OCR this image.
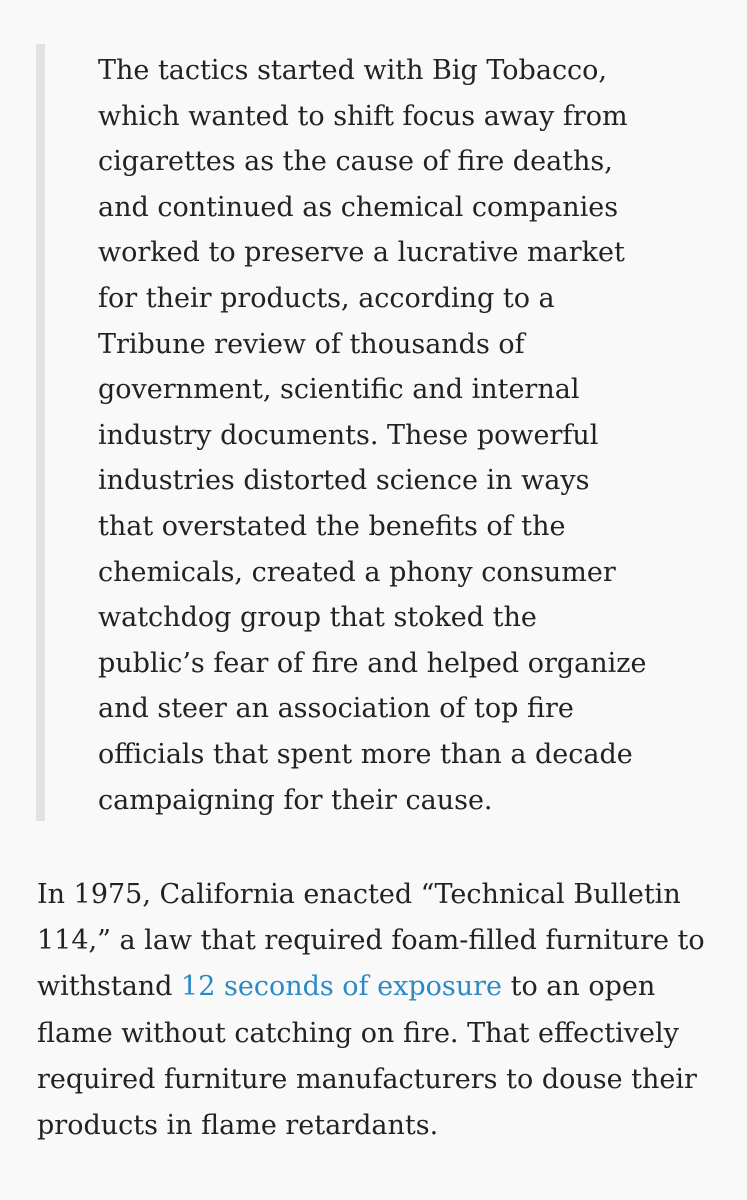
The tactics started with Big Tobacco,
which wanted to shift focus away from
cigarettes as the cause of fire deaths,
and continued as chemical companies
worked to preserve a lucrative market
for their products, according to a
Tribune review of thousands of
government, scientific and internal
industry documents. These powerful
industries distorted science in ways
that overstated the benefits of the
chemicals, created a phony consumer
watchdog group that stoked the
public’s fear of fire and helped organize
and steer an association of top fire
officials that spent more than a decade
campaigning for their cause.
In 1975, California enacted “Technical Bulletin
114,” a law that required foam-filled furniture to
withstand 12 seconds of exposure to an open
flame without catching on fire. That effectively
required furniture manufacturers to douse their
products in flame retardants.
